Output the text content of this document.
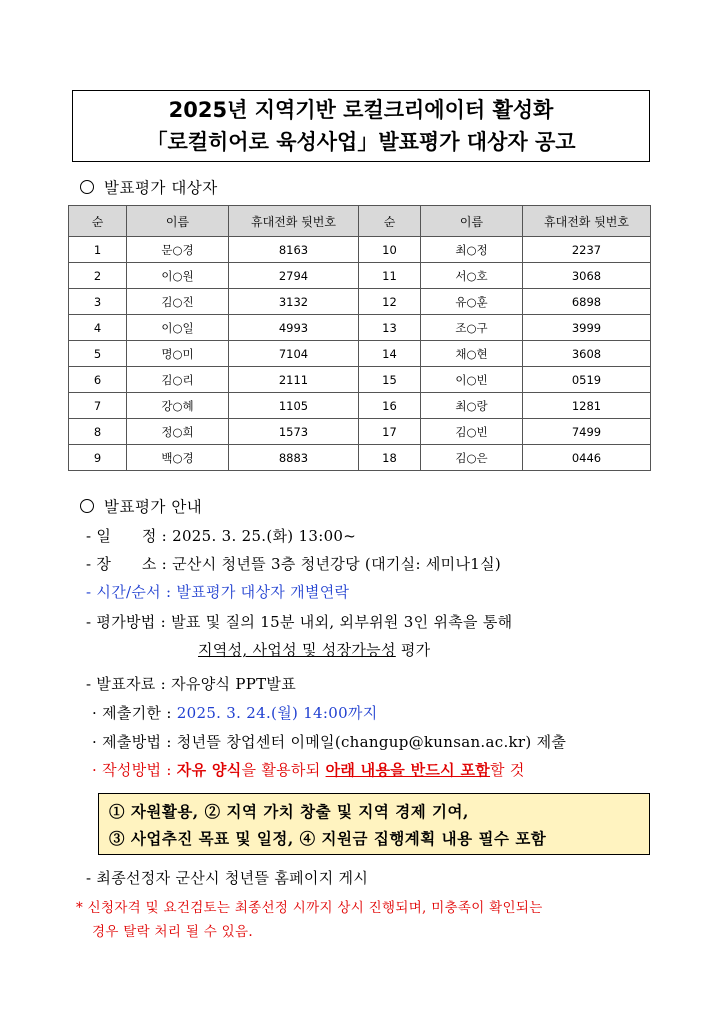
2025년 지역기반 로컬크리에이터 활성화
「로컬히어로 육성사업」발표평가 대상자 공고
발표평가 대상자
순	이름	휴대전화 뒷번호	순	이름	휴대전화 뒷번호
1	문○경	8163	10	최○정	2237
2	이○원	2794	11	서○호	3068
3	김○진	3132	12	유○훈	6898
4	이○일	4993	13	조○구	3999
5	명○미	7104	14	채○현	3608
6	김○리	2111	15	이○빈	0519
7	강○혜	1105	16	최○랑	1281
8	정○희	1573	17	김○빈	7499
9	백○경	8883	18	김○은	0446
발표평가 안내
- 일　　정 : 2025. 3. 25.(화) 13:00~
- 장　　소 : 군산시 청년뜰 3층 청년강당 (대기실: 세미나1실)
- 시간/순서 : 발표평가 대상자 개별연락
- 평가방법 : 발표 및 질의 15분 내외, 외부위원 3인 위촉을 통해
지역성, 사업성 및 성장가능성 평가
- 발표자료 : 자유양식 PPT발표
· 제출기한 : 2025. 3. 24.(월) 14:00까지
· 제출방법 : 청년뜰 창업센터 이메일(changup@kunsan.ac.kr) 제출
· 작성방법 : 자유 양식을 활용하되 아래 내용을 반드시 포함할 것
① 자원활용, ② 지역 가치 창출 및 지역 경제 기여,
③ 사업추진 목표 및 일정, ④ 지원금 집행계획 내용 필수 포함
- 최종선정자 군산시 청년뜰 홈페이지 게시
* 신청자격 및 요건검토는 최종선정 시까지 상시 진행되며, 미충족이 확인되는
경우 탈락 처리 될 수 있음.
